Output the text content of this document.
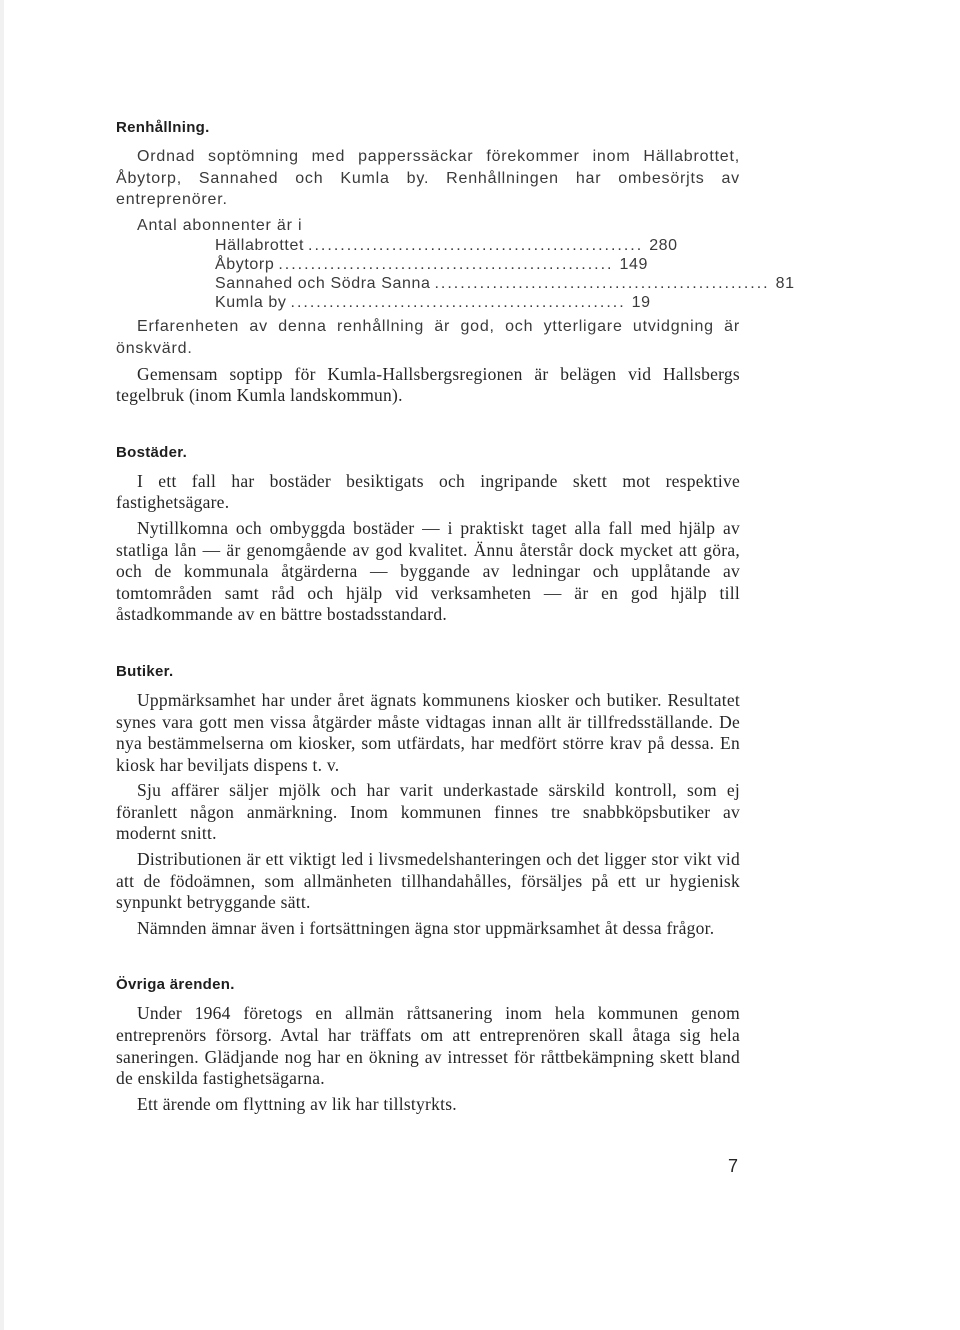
Renhållning.

Ordnad soptömning med papperssäckar förekommer inom Hällabrottet, Åbytorp, Sannahed och Kumla by. Renhållningen har ombesörjts av entreprenörer.

Antal abonnenter är i

Hällabrottet .................................................... 280
Åbytorp .................................................... 149
Sannahed och Södra Sanna .................................................... 81
Kumla by .................................................... 19

Erfarenheten av denna renhållning är god, och ytterligare utvidgning är önskvärd.

Gemensam soptipp för Kumla-Hallsbergsregionen är belägen vid Hallsbergs tegelbruk (inom Kumla landskommun).

Bostäder.

I ett fall har bostäder besiktigats och ingripande skett mot respektive fastighetsägare.

Nytillkomna och ombyggda bostäder — i praktiskt taget alla fall med hjälp av statliga lån — är genomgående av god kvalitet. Ännu återstår dock mycket att göra, och de kommunala åtgärderna — byggande av ledningar och upplåtande av tomtområden samt råd och hjälp vid verksamheten — är en god hjälp till åstadkommande av en bättre bostadsstandard.

Butiker.

Uppmärksamhet har under året ägnats kommunens kiosker och butiker. Resultatet synes vara gott men vissa åtgärder måste vidtagas innan allt är tillfredsställande. De nya bestämmelserna om kiosker, som utfärdats, har medfört större krav på dessa. En kiosk har beviljats dispens t. v.

Sju affärer säljer mjölk och har varit underkastade särskild kontroll, som ej föranlett någon anmärkning. Inom kommunen finnes tre snabbköpsbutiker av modernt snitt.

Distributionen är ett viktigt led i livsmedelshanteringen och det ligger stor vikt vid att de födoämnen, som allmänheten tillhandahålles, försäljes på ett ur hygienisk synpunkt betryggande sätt.

Nämnden ämnar även i fortsättningen ägna stor uppmärksamhet åt dessa frågor.

Övriga ärenden.

Under 1964 företogs en allmän råttsanering inom hela kommunen genom entreprenörs försorg. Avtal har träffats om att entreprenören skall åtaga sig hela saneringen. Glädjande nog har en ökning av intresset för råttbekämpning skett bland de enskilda fastighetsägarna.

Ett ärende om flyttning av lik har tillstyrkts.

7
